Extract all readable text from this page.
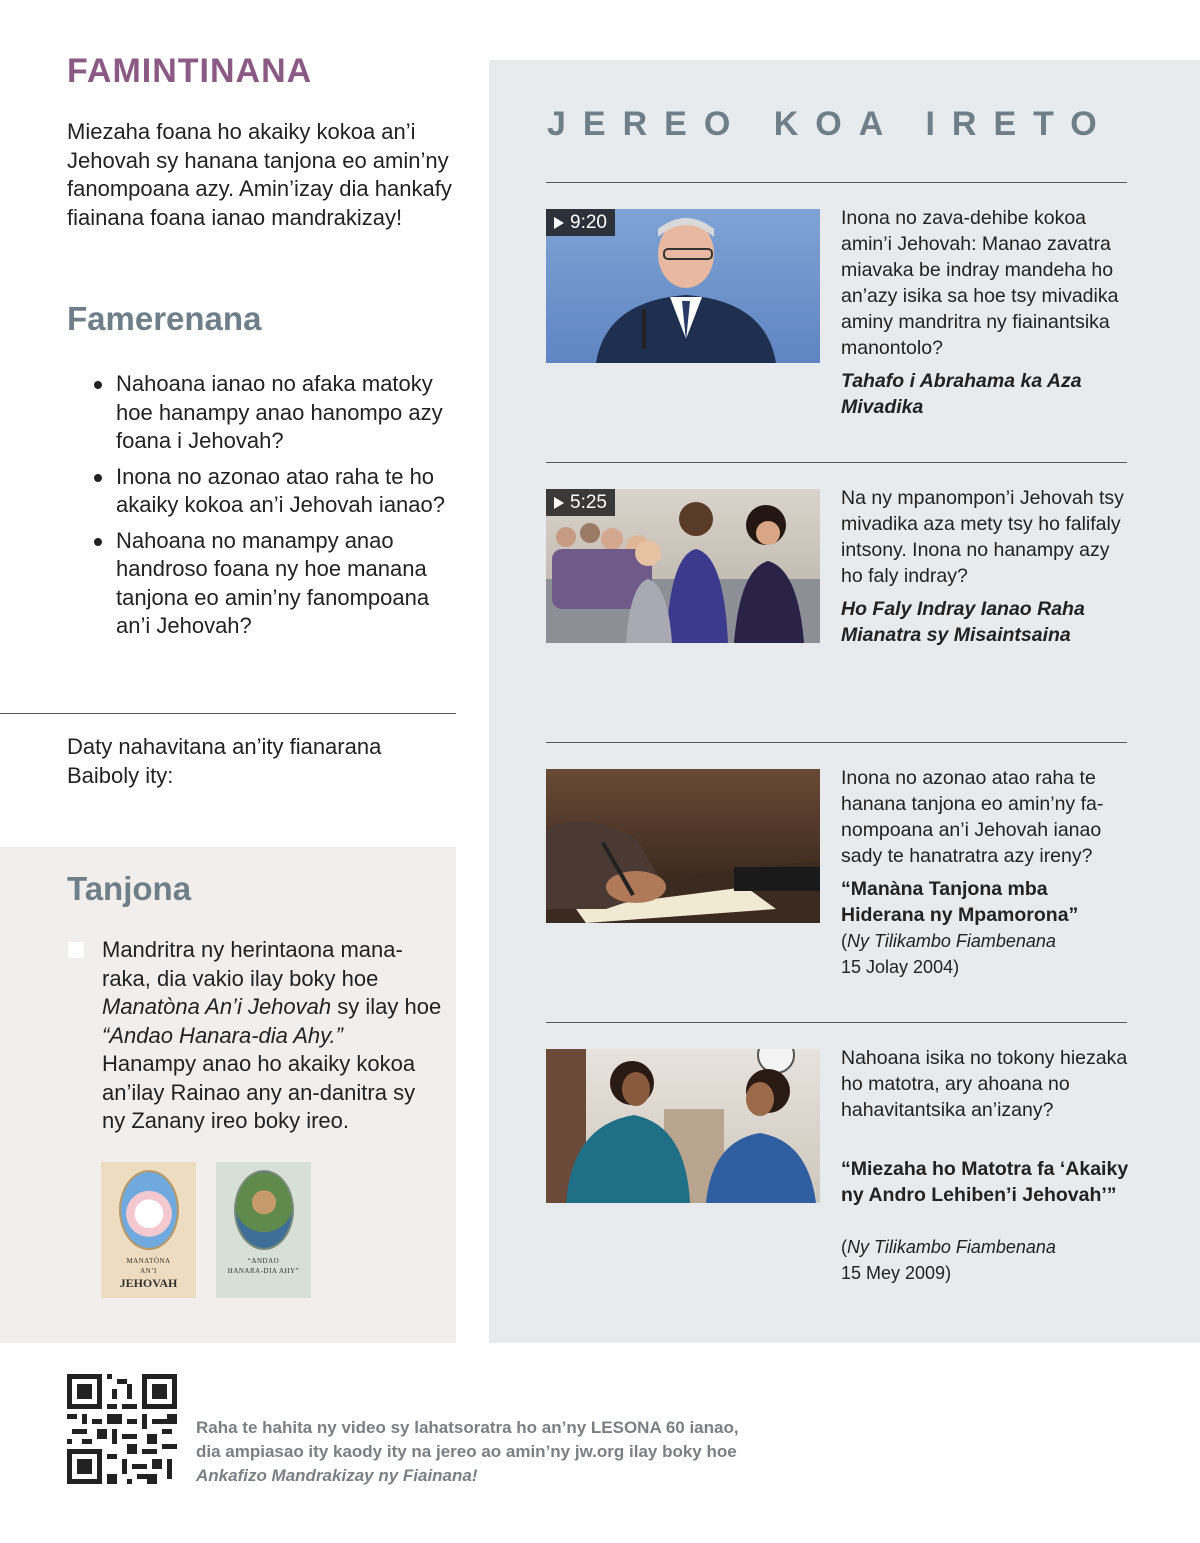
FAMINTINANA

Miezaha foana ho akaiky kokoa an’i Jehovah sy hanana tanjona eo amin’ny fanompoana azy. Amin’izay dia hankafy fiainana foana ianao mandrakizay!

Famerenana
Nahoana ianao no afaka matoky hoe hanampy anao hanompo azy foana i Jehovah?
Inona no azonao atao raha te ho akaiky kokoa an’i Jehovah ianao?
Nahoana no manampy anao handroso foana ny hoe manana tanjona eo amin’ny fanompoana an’i Jehovah?

Daty nahavitana an’ity fianarana Baiboly ity:

Tanjona

Mandritra ny herintaona manaraka, dia vakio ilay boky hoe Manatòna An’i Jehovah sy ilay hoe “Andao Hanara-dia Ahy.” Hanampy anao ho akaiky kokoa an’ilay Rainao any an-danitra sy ny Zanany ireo boky ireo.

MANATÒNA
AN’I
JEHOVAH
“ANDAO
HANARA-DIA AHY”
JEREO KOA IRETO
9:20	Inona no zava-dehibe kokoa amin’i Jehovah: Manao zavatra miavaka be indray mandeha ho an’azy isika sa hoe tsy mivadika aminy mandritra ny fiainantsika manontolo?

Tahafo i Abrahama ka Aza Mivadika

5:25	Na ny mpanompon’i Jehovah tsy mivadika aza mety tsy ho falifaly intsony. Inona no hanampy azy ho faly indray?

Ho Faly Indray Ianao Raha Mianatra sy Misaintsaina

Inona no azonao atao raha te hanana tanjona eo amin’ny fanompoana an’i Jehovah ianao sady te hanatratra azy ireny?

“Manàna Tanjona mba Hiderana ny Mpamorona”

(Ny Tilikambo Fiambenana
15 Jolay 2004)

Nahoana isika no tokony hiezaka ho matotra, ary ahoana no hahavitantsika an’izany?

“Miezaha ho Matotra fa ‘Akaiky ny Andro Lehiben’i Jehovah’”

(Ny Tilikambo Fiambenana
15 Mey 2009)

Raha te hahita ny video sy lahatsoratra ho an’ny LESONA 60 ianao, dia ampiasao ity kaody ity na jereo ao amin’ny jw.org ilay boky hoe Ankafizo Mandrakizay ny Fiainana!
